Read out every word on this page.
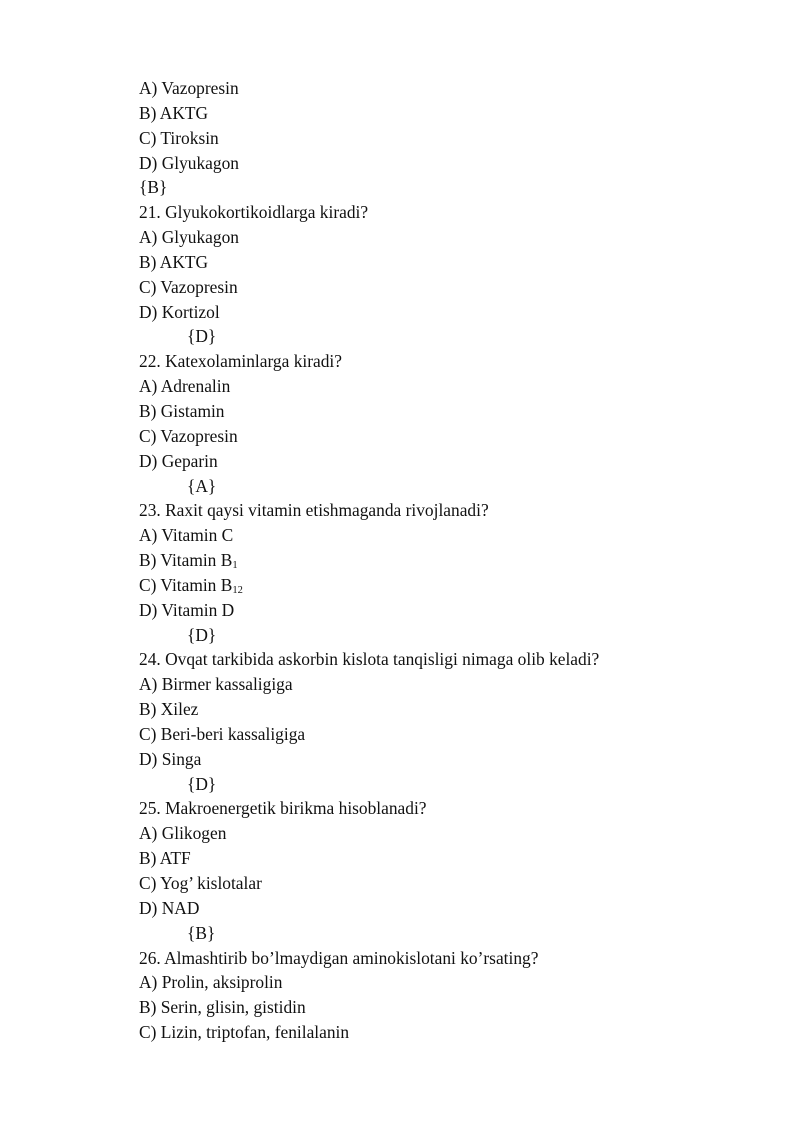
A) Vazopresin
B) AKTG
C) Tiroksin
D) Glyukagon
{B}
21. Glyukokortikoidlarga kiradi?
A) Glyukagon
B) AKTG
C) Vazopresin
D) Kortizol
{D}
22. Katexolaminlarga kiradi?
A) Adrenalin
B) Gistamin
C) Vazopresin
D) Geparin
{A}
23. Raxit qaysi vitamin etishmaganda rivojlanadi?
A) Vitamin C
B) Vitamin $B_1$
C) Vitamin $B_{12}$
D) Vitamin D
{D}
24. Ovqat tarkibida askorbin kislota tanqisligi nimaga olib keladi?
A) Birmer kassaligiga
B) Xilez
C) Beri-beri kassaligiga
D) Singa
{D}
25. Makroenergetik birikma hisoblanadi?
A) Glikogen
B) ATF
C) Yog’ kislotalar
D) NAD
{B}
26. Almashtirib bo’lmaydigan aminokislotani ko’rsating?
A) Prolin, aksiprolin
B) Serin, glisin, gistidin
C) Lizin, triptofan, fenilalanin
